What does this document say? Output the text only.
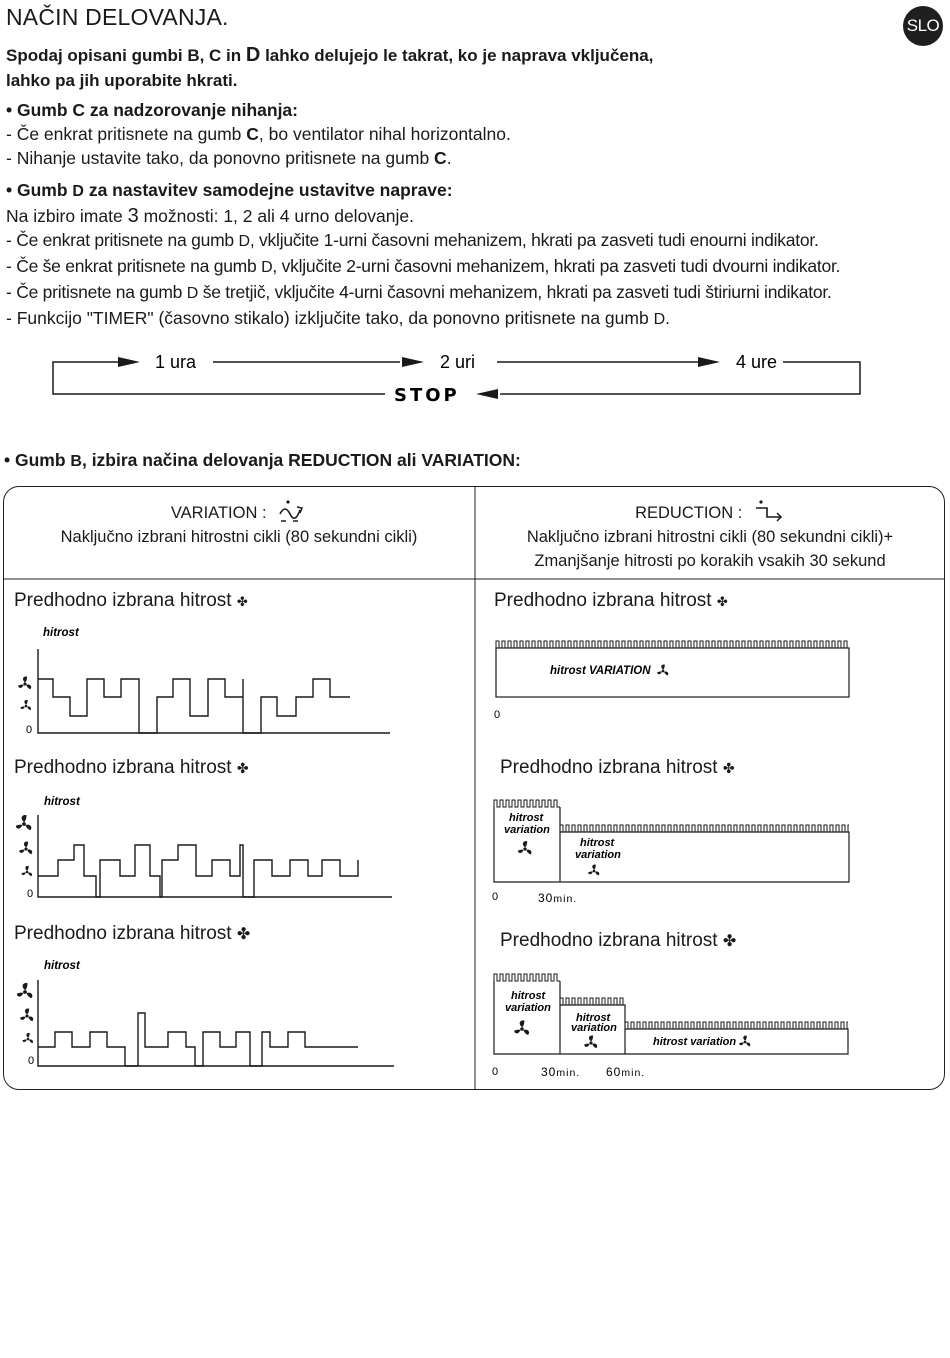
NAČIN DELOVANJA.	SLO
Spodaj opisani gumbi B, C in D lahko delujejo le takrat, ko je naprava vključena,
lahko pa jih uporabite hkrati.
• Gumb C za nadzorovanje nihanja:
- Če enkrat pritisnete na gumb C, bo ventilator nihal horizontalno.
- Nihanje ustavite tako, da ponovno pritisnete na gumb C.
• Gumb D za nastavitev samodejne ustavitve naprave:
Na izbiro imate 3 možnosti: 1, 2 ali 4 urno delovanje.
- Če enkrat pritisnete na gumb D, vključite 1-urni časovni mehanizem, hkrati pa zasveti tudi enourni indikator.
- Če še enkrat pritisnete na gumb D, vključite 2-urni časovni mehanizem, hkrati pa zasveti tudi dvourni indikator.
- Če pritisnete na gumb D še tretjič, vključite 4-urni časovni mehanizem, hkrati pa zasveti tudi štiriurni indikator.
- Funkcijo "TIMER" (časovno stikalo) izključite tako, da ponovno pritisnete na gumb D.
1 ura	2 uri	4 ure
STOP
• Gumb B, izbira načina delovanja REDUCTION ali VARIATION:
VARIATION :
Naključno izbrani hitrostni cikli (80 sekundni cikli)
REDUCTION :
Naključno izbrani hitrostni cikli (80 sekundni cikli)+
Zmanjšanje hitrosti po korakih vsakih 30 sekund
Predhodno izbrana hitrost ✤
Predhodno izbrana hitrost ✤
Predhodno izbrana hitrost ✤
Predhodno izbrana hitrost ✤
Predhodno izbrana hitrost ✤
Predhodno izbrana hitrost ✤
hitrost
0
hitrost
0
hitrost
0
hitrost VARIATION
0
hitrost
variation
hitrost
variation
0	30min.
hitrost
variation
hitrost
variation
hitrost variation
0	30min. 60min.
